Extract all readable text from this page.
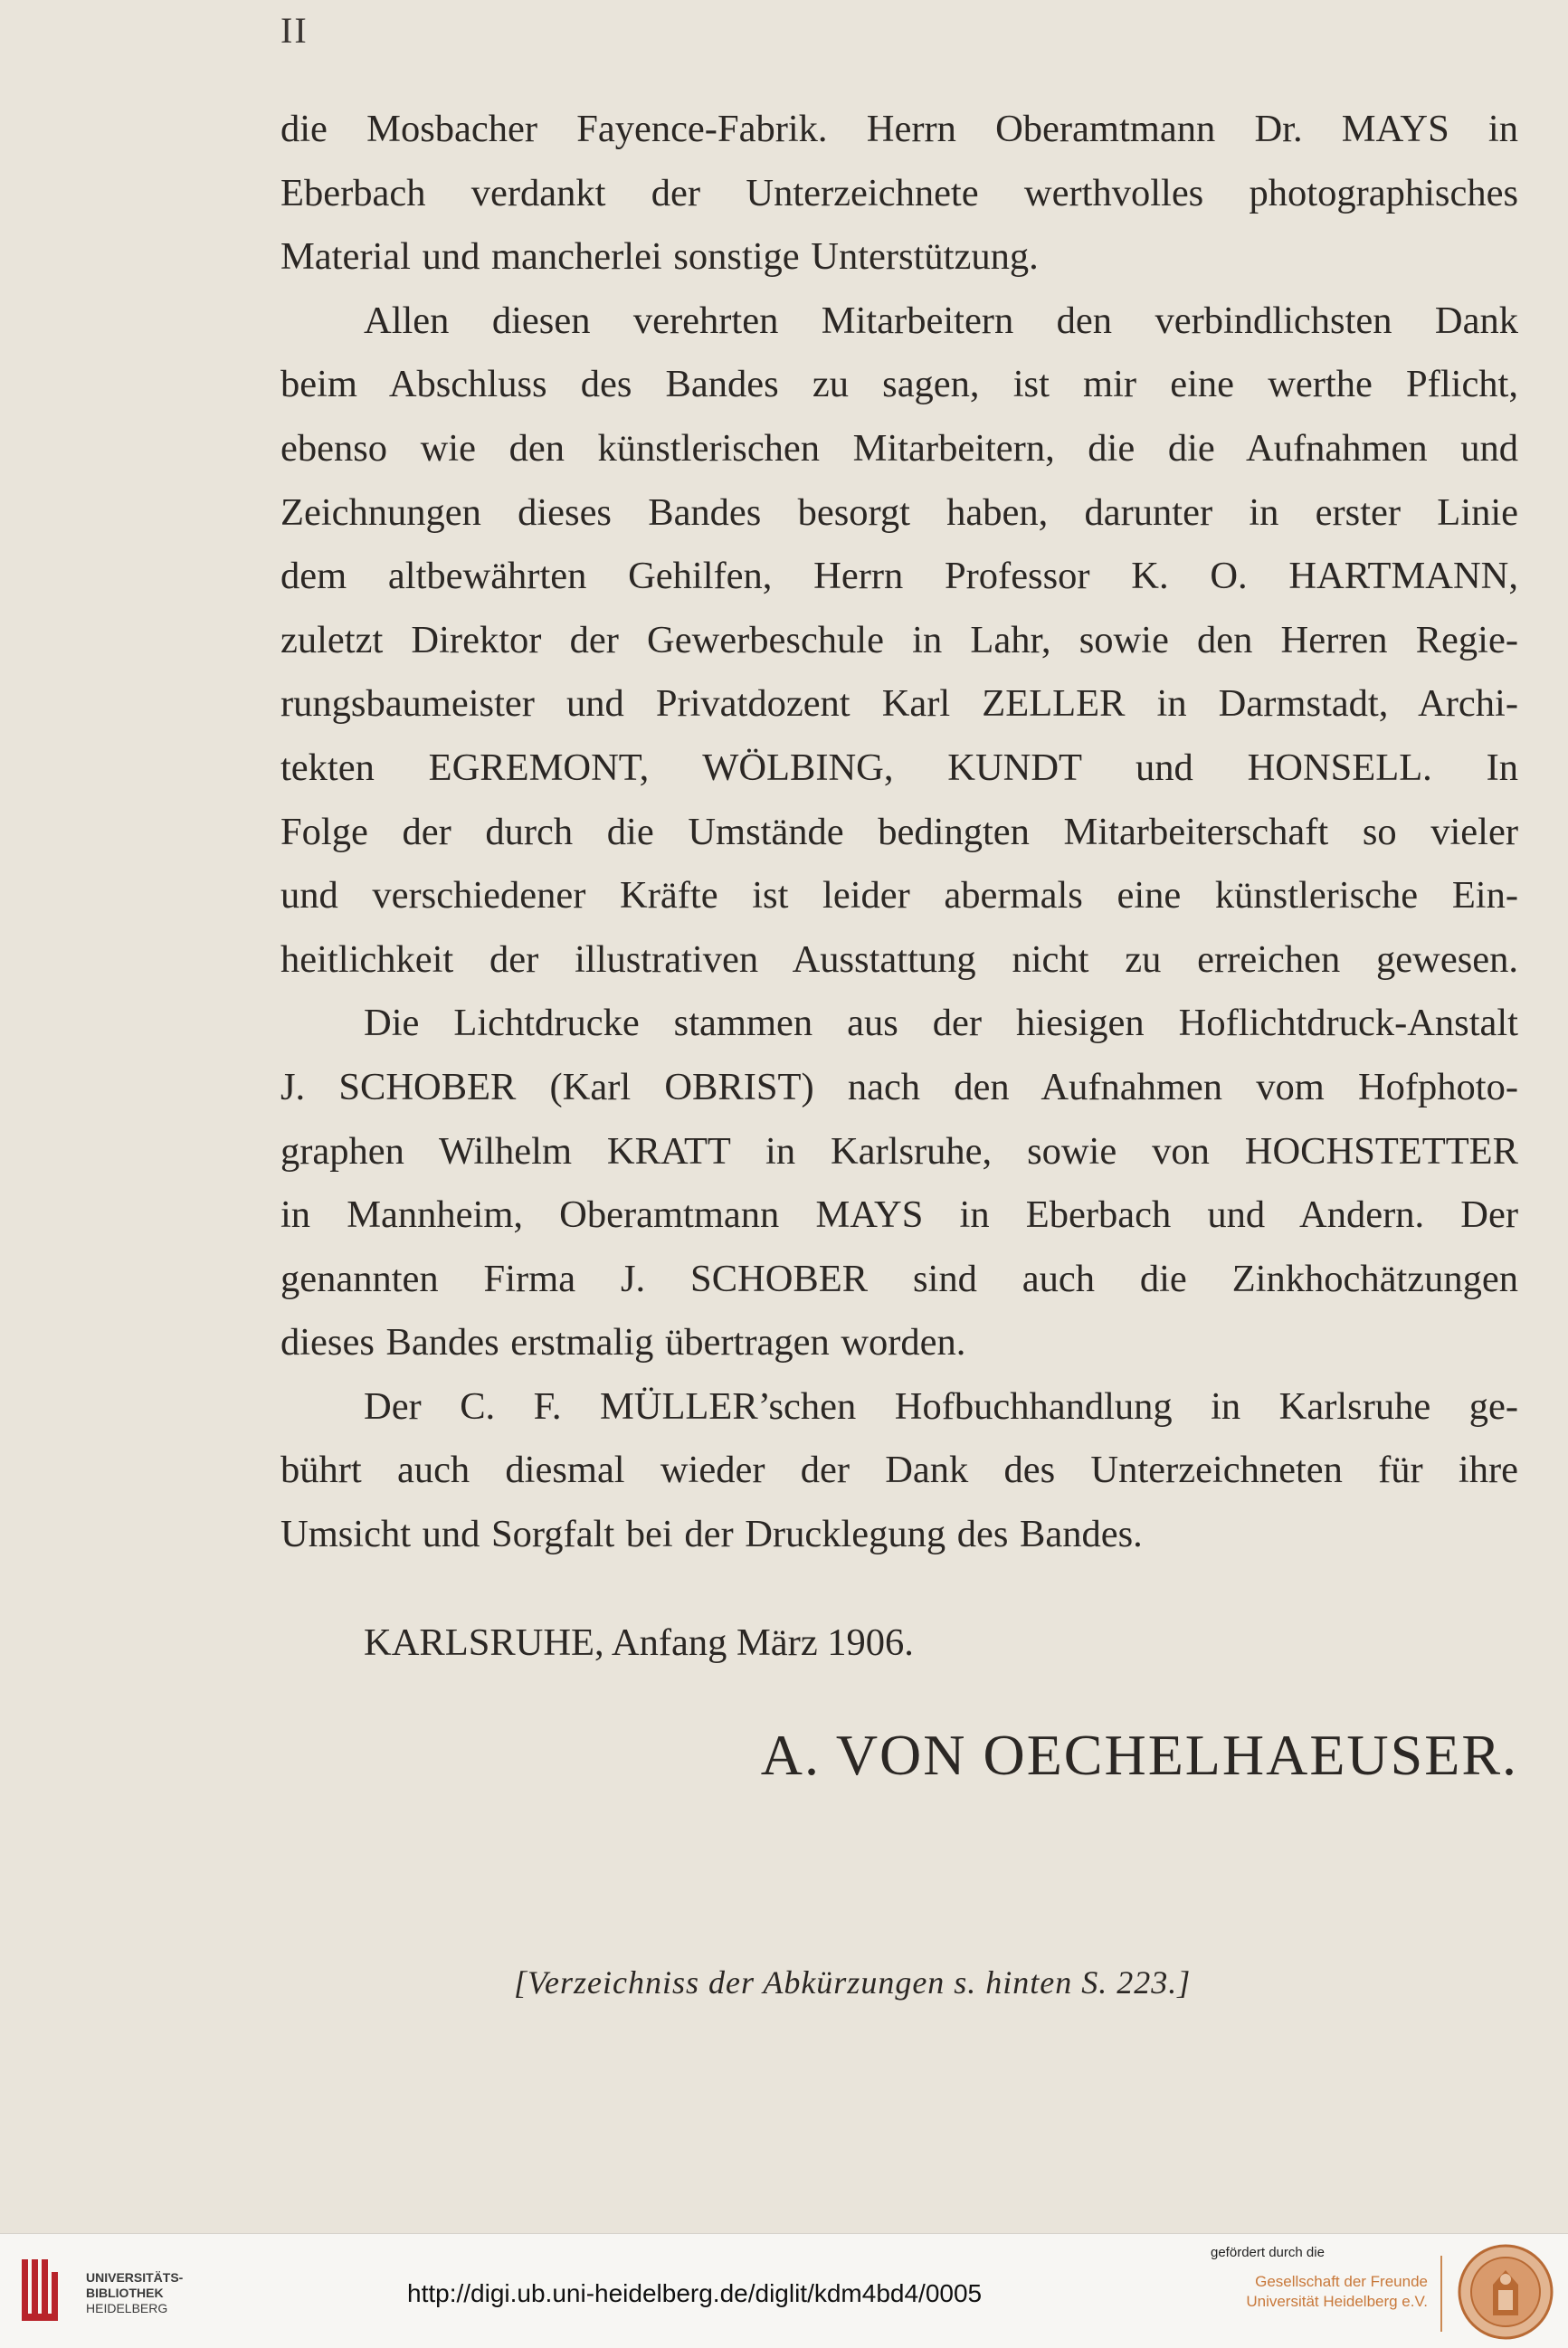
II

die Mosbacher Fayence-Fabrik. Herrn Oberamtmann Dr. MAYS in
Eberbach verdankt der Unterzeichnete werthvolles photographisches
Material und mancherlei sonstige Unterstützung.

Allen diesen verehrten Mitarbeitern den verbindlichsten Dank
beim Abschluss des Bandes zu sagen, ist mir eine werthe Pflicht,
ebenso wie den künstlerischen Mitarbeitern, die die Aufnahmen und
Zeichnungen dieses Bandes besorgt haben, darunter in erster Linie
dem altbewährten Gehilfen, Herrn Professor K. O. HARTMANN,
zuletzt Direktor der Gewerbeschule in Lahr, sowie den Herren Regie-
rungsbaumeister und Privatdozent Karl ZELLER in Darmstadt, Archi-
tekten EGREMONT, WÖLBING, KUNDT und HONSELL. In
Folge der durch die Umstände bedingten Mitarbeiterschaft so vieler
und verschiedener Kräfte ist leider abermals eine künstlerische Ein-
heitlichkeit der illustrativen Ausstattung nicht zu erreichen gewesen.

Die Lichtdrucke stammen aus der hiesigen Hoflichtdruck-Anstalt
J. SCHOBER (Karl OBRIST) nach den Aufnahmen vom Hofphoto-
graphen Wilhelm KRATT in Karlsruhe, sowie von HOCHSTETTER
in Mannheim, Oberamtmann MAYS in Eberbach und Andern. Der
genannten Firma J. SCHOBER sind auch die Zinkhochätzungen
dieses Bandes erstmalig übertragen worden.

Der C. F. MÜLLER’schen Hofbuchhandlung in Karlsruhe ge-
bührt auch diesmal wieder der Dank des Unterzeichneten für ihre
Umsicht und Sorgfalt bei der Drucklegung des Bandes.

KARLSRUHE, Anfang März 1906.
A. VON OECHELHAEUSER.
[Verzeichniss der Abkürzungen s. hinten S. 223.]
UNIVERSITÄTS-
BIBLIOTHEK
HEIDELBERG
http://digi.ub.uni-heidelberg.de/diglit/kdm4bd4/0005
gefördert durch die
Gesellschaft der Freunde
Universität Heidelberg e.V.
